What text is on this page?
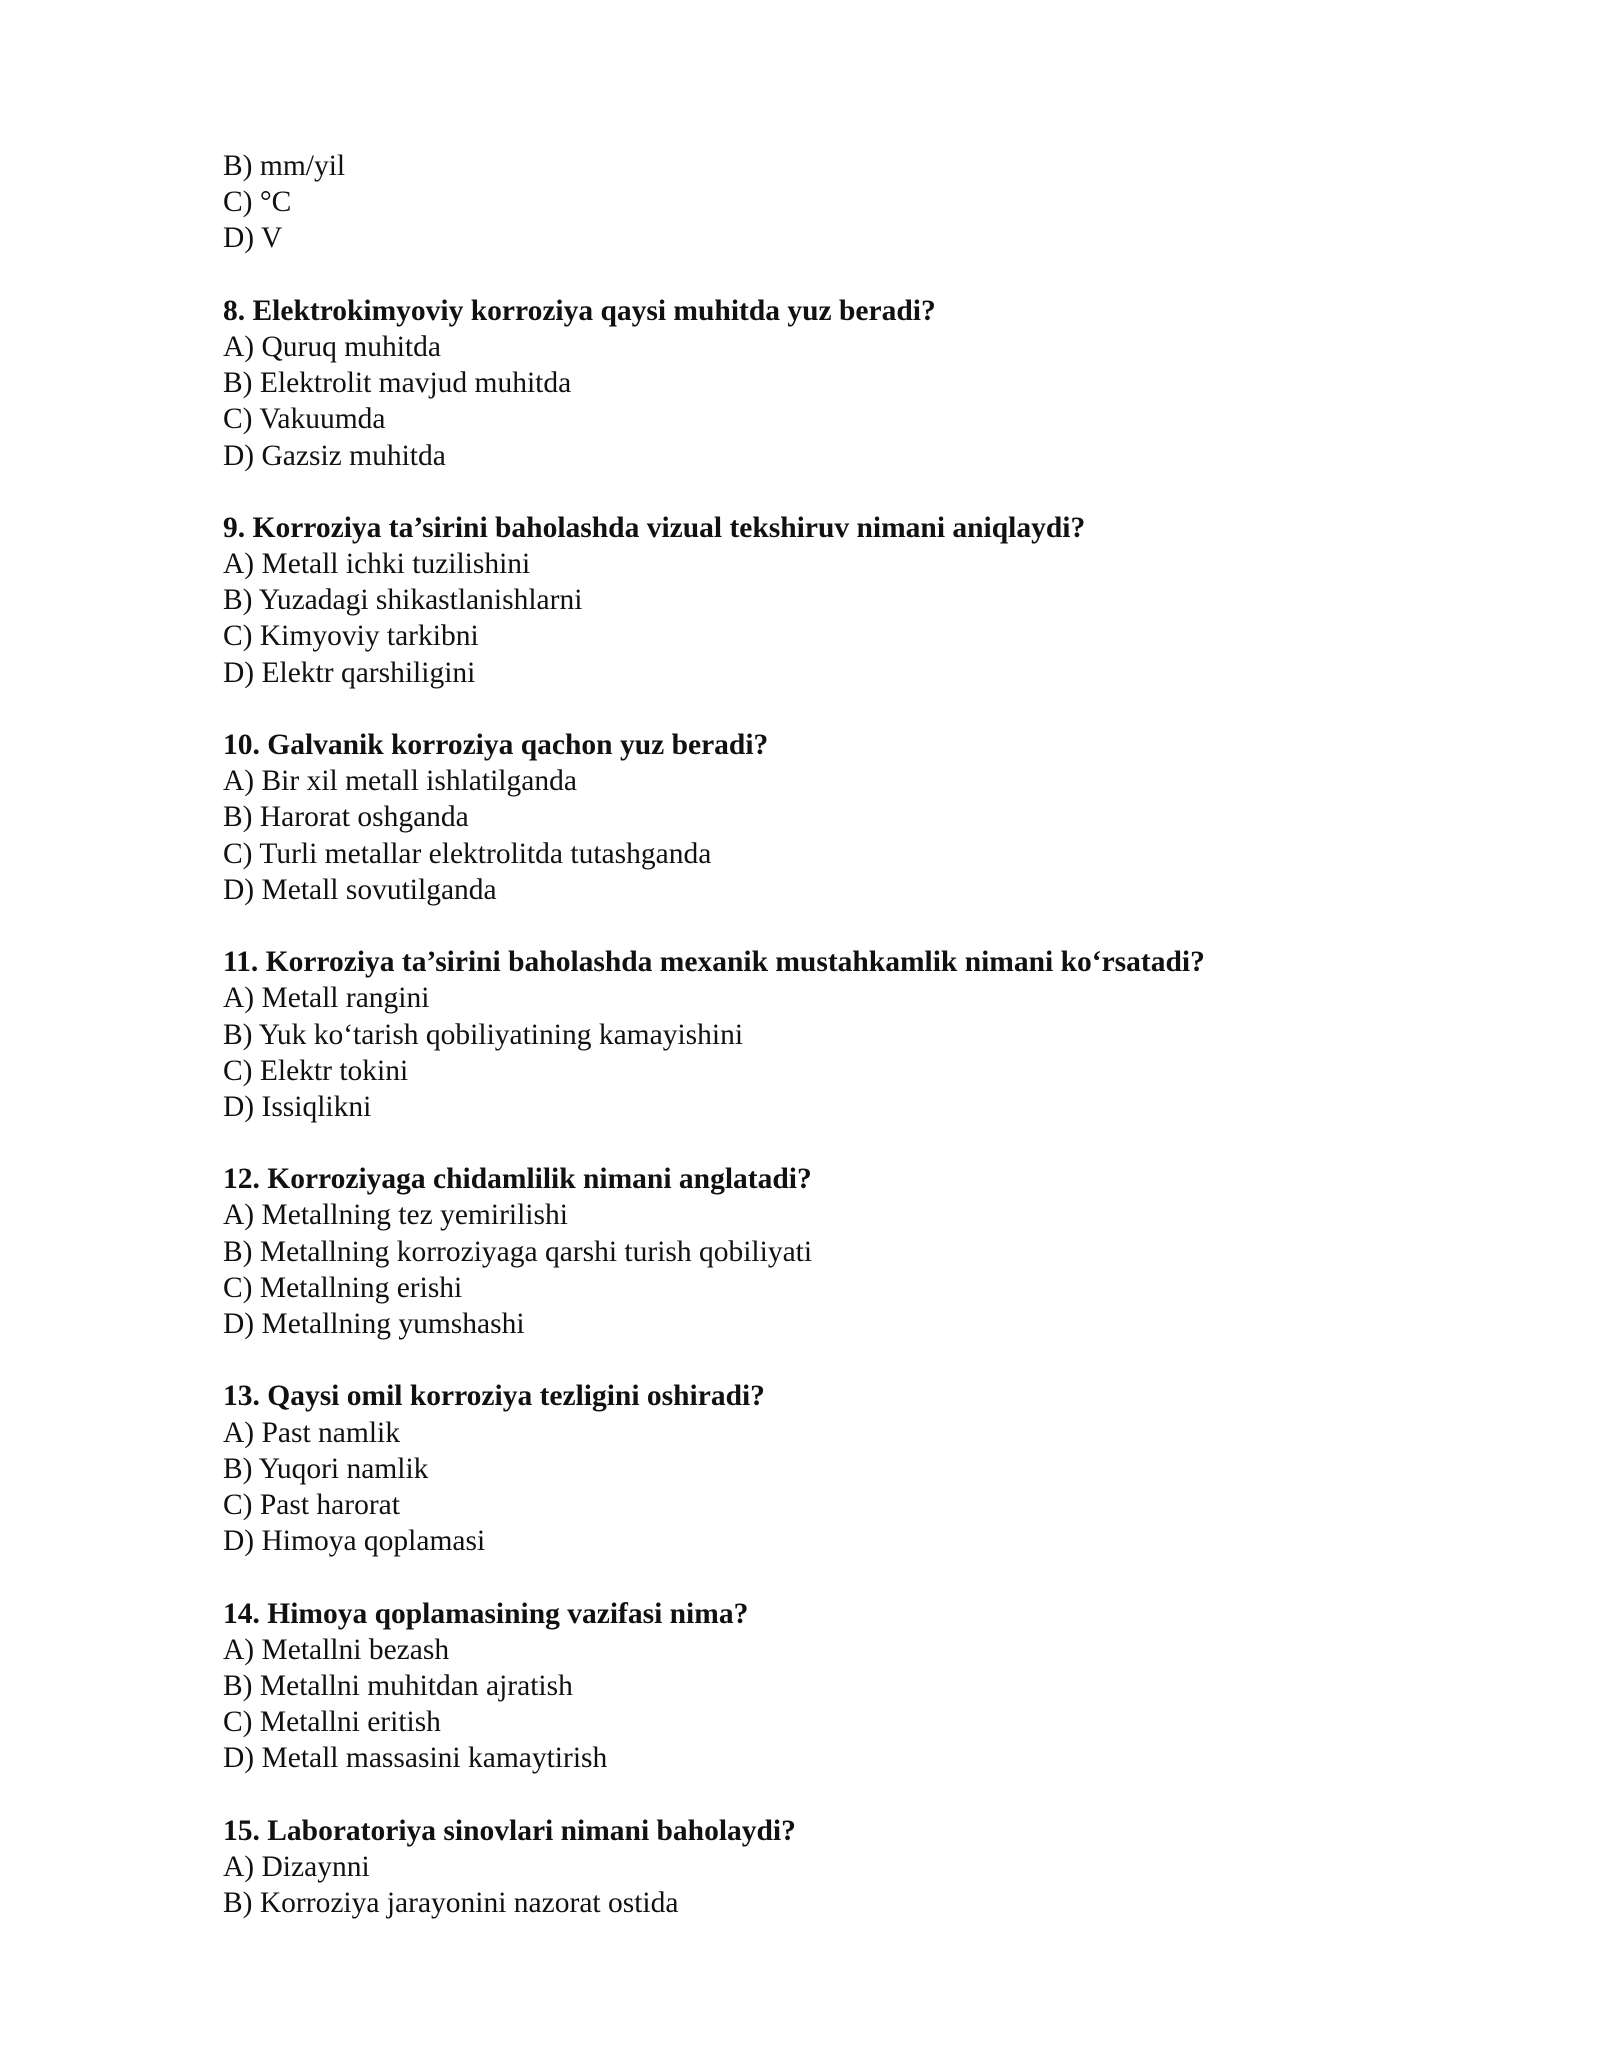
B) mm/yil
C) °C
D) V
8. Elektrokimyoviy korroziya qaysi muhitda yuz beradi?
A) Quruq muhitda
B) Elektrolit mavjud muhitda
C) Vakuumda
D) Gazsiz muhitda
9. Korroziya ta’sirini baholashda vizual tekshiruv nimani aniqlaydi?
A) Metall ichki tuzilishini
B) Yuzadagi shikastlanishlarni
C) Kimyoviy tarkibni
D) Elektr qarshiligini
10. Galvanik korroziya qachon yuz beradi?
A) Bir xil metall ishlatilganda
B) Harorat oshganda
C) Turli metallar elektrolitda tutashganda
D) Metall sovutilganda
11. Korroziya ta’sirini baholashda mexanik mustahkamlik nimani ko‘rsatadi?
A) Metall rangini
B) Yuk ko‘tarish qobiliyatining kamayishini
C) Elektr tokini
D) Issiqlikni
12. Korroziyaga chidamlilik nimani anglatadi?
A) Metallning tez yemirilishi
B) Metallning korroziyaga qarshi turish qobiliyati
C) Metallning erishi
D) Metallning yumshashi
13. Qaysi omil korroziya tezligini oshiradi?
A) Past namlik
B) Yuqori namlik
C) Past harorat
D) Himoya qoplamasi
14. Himoya qoplamasining vazifasi nima?
A) Metallni bezash
B) Metallni muhitdan ajratish
C) Metallni eritish
D) Metall massasini kamaytirish
15. Laboratoriya sinovlari nimani baholaydi?
A) Dizaynni
B) Korroziya jarayonini nazorat ostida
